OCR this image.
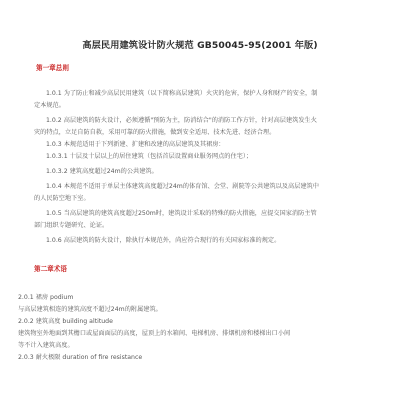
高层民用建筑设计防火规范 GB50045-95(2001 年版)
第一章总则
1.0.1 为了防止和减少高层民用建筑（以下简称高层建筑）火灾的危害，保护人身和财产的安全，制
定本规范。
1.0.2 高层建筑的防火设计，必须遵循"预防为主，防消结合"的消防工作方针，针对高层建筑发生火
灾的特点，立足自防自救，采用可靠的防火措施，做到安全适用、技术先进、经济合理。
1.0.3 本规范适用于下列新建、扩建和改建的高层建筑及其裙房：
1.0.3.1 十层及十层以上的居住建筑（包括首层设置商业服务网点的住宅）；
1.0.3.2 建筑高度超过24m的公共建筑。
1.0.4 本规范不适用于单层主体建筑高度超过24m的体育馆、会堂、剧院等公共建筑以及高层建筑中
的人民防空地下室。
1.0.5 当高层建筑的建筑高度超过250m时，建筑设计采取的特殊的防火措施，应提交国家消防主管
部门组织专题研究、论证。
1.0.6 高层建筑的防火设计，除执行本规范外，尚应符合现行的有关国家标准的规定。
第二章术语
2.0.1 裙房 podium
与高层建筑相连的建筑高度不超过24m的附属建筑。
2.0.2 建筑高度 building altitude
建筑物室外地面到其檐口或屋面面层的高度，屋顶上的水箱间、电梯机房、排烟机房和楼梯出口小间
等不计入建筑高度。
2.0.3 耐火极限 duration of fire resistance
